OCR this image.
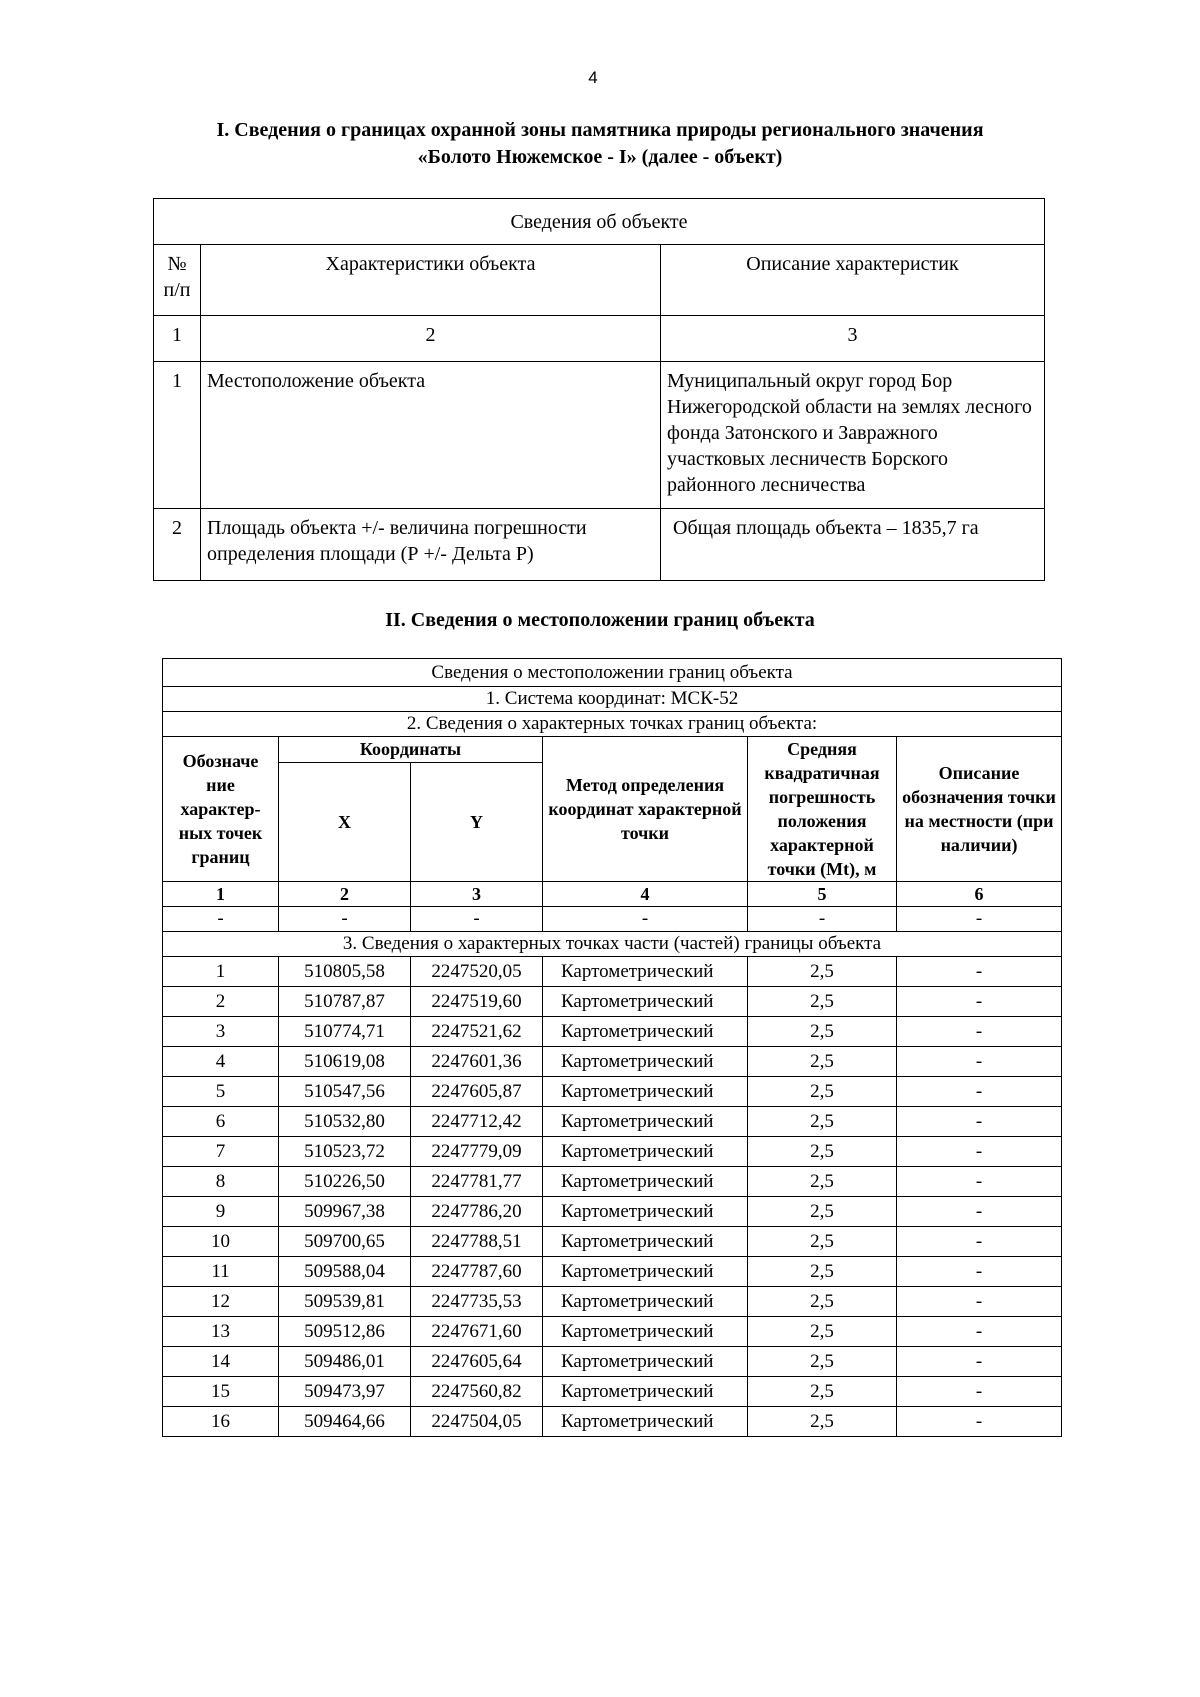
4
I. Сведения о границах охранной зоны памятника природы регионального значения
«Болото Нюжемское - I» (далее - объект)
Сведения об объекте		
№ п/п	Характеристики объекта	Описание характеристик
1	2	3
1	Местоположение объекта	Муниципальный округ город Бор Нижегородской области на землях лесного фонда Затонского и Завражного участковых лесничеств Борского районного лесничества
2	Площадь объекта +/- величина погрешности определения площади (Р +/- Дельта Р)	Общая площадь объекта – 1835,7 га
II. Сведения о местоположении границ объекта
Сведения о местоположении границ объекта					
1. Система координат: МСК-52					
2. Сведения о характерных точках границ объекта:					
Обозначе ние характер-ных точек границ	Координаты		Метод определения координат характерной точки	Средняя квадратичная погрешность положения характерной точки (Mt), м	Описание обозначения точки на местности (при наличии)
	X	Y			
1	2	3	4	5	6
-	-	-	-	-	-
3. Сведения о характерных точках части (частей) границы объекта					
1	510805,58	2247520,05	Картометрический	2,5	-
2	510787,87	2247519,60	Картометрический	2,5	-
3	510774,71	2247521,62	Картометрический	2,5	-
4	510619,08	2247601,36	Картометрический	2,5	-
5	510547,56	2247605,87	Картометрический	2,5	-
6	510532,80	2247712,42	Картометрический	2,5	-
7	510523,72	2247779,09	Картометрический	2,5	-
8	510226,50	2247781,77	Картометрический	2,5	-
9	509967,38	2247786,20	Картометрический	2,5	-
10	509700,65	2247788,51	Картометрический	2,5	-
11	509588,04	2247787,60	Картометрический	2,5	-
12	509539,81	2247735,53	Картометрический	2,5	-
13	509512,86	2247671,60	Картометрический	2,5	-
14	509486,01	2247605,64	Картометрический	2,5	-
15	509473,97	2247560,82	Картометрический	2,5	-
16	509464,66	2247504,05	Картометрический	2,5	-
